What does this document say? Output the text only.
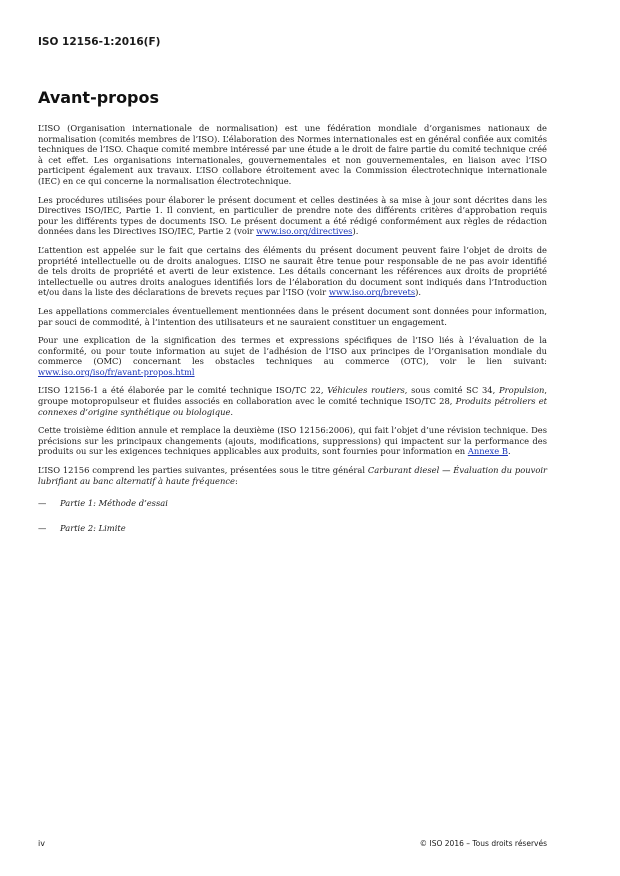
ISO 12156-1:2016(F)
Avant-propos

L’ISO (Organisation internationale de normalisation) est une fédération mondiale d’organismes nationaux de normalisation (comités membres de l’ISO). L’élaboration des Normes internationales est en général confiée aux comités techniques de l’ISO. Chaque comité membre intéressé par une étude a le droit de faire partie du comité technique créé à cet effet. Les organisations internationales, gouvernementales et non gouvernementales, en liaison avec l’ISO participent également aux travaux. L’ISO collabore étroitement avec la Commission électrotechnique internationale (IEC) en ce qui concerne la normalisation électrotechnique.

Les procédures utilisées pour élaborer le présent document et celles destinées à sa mise à jour sont décrites dans les Directives ISO/IEC, Partie 1. Il convient, en particulier de prendre note des différents critères d’approbation requis pour les différents types de documents ISO. Le présent document a été rédigé conformément aux règles de rédaction données dans les Directives ISO/IEC, Partie 2 (voir www.iso.org/directives).

L’attention est appelée sur le fait que certains des éléments du présent document peuvent faire l’objet de droits de propriété intellectuelle ou de droits analogues. L’ISO ne saurait être tenue pour responsable de ne pas avoir identifié de tels droits de propriété et averti de leur existence. Les détails concernant les références aux droits de propriété intellectuelle ou autres droits analogues identifiés lors de l’élaboration du document sont indiqués dans l’Introduction et/ou dans la liste des déclarations de brevets reçues par l’ISO (voir www.iso.org/brevets).

Les appellations commerciales éventuellement mentionnées dans le présent document sont données pour information, par souci de commodité, à l’intention des utilisateurs et ne sauraient constituer un engagement.

Pour une explication de la signification des termes et expressions spécifiques de l’ISO liés à l’évaluation de la conformité, ou pour toute information au sujet de l’adhésion de l’ISO aux principes de l’Organisation mondiale du commerce (OMC) concernant les obstacles techniques au commerce (OTC), voir le lien suivant: www.iso.org/iso/fr/avant-propos.html

L’ISO 12156-1 a été élaborée par le comité technique ISO/TC 22, Véhicules routiers, sous comité SC 34, Propulsion, groupe motopropulseur et fluides associés en collaboration avec le comité technique ISO/TC 28, Produits pétroliers et connexes d’origine synthétique ou biologique.

Cette troisième édition annule et remplace la deuxième (ISO 12156:2006), qui fait l’objet d’une révision technique. Des précisions sur les principaux changements (ajouts, modifications, suppressions) qui impactent sur la performance des produits ou sur les exigences techniques applicables aux produits, sont fournies pour information en Annexe B.

L’ISO 12156 comprend les parties suivantes, présentées sous le titre général Carburant diesel — Évaluation du pouvoir lubrifiant au banc alternatif à haute fréquence:

—	Partie 1: Méthode d’essai
—	Partie 2: Limite
iv	© ISO 2016 – Tous droits réservés
